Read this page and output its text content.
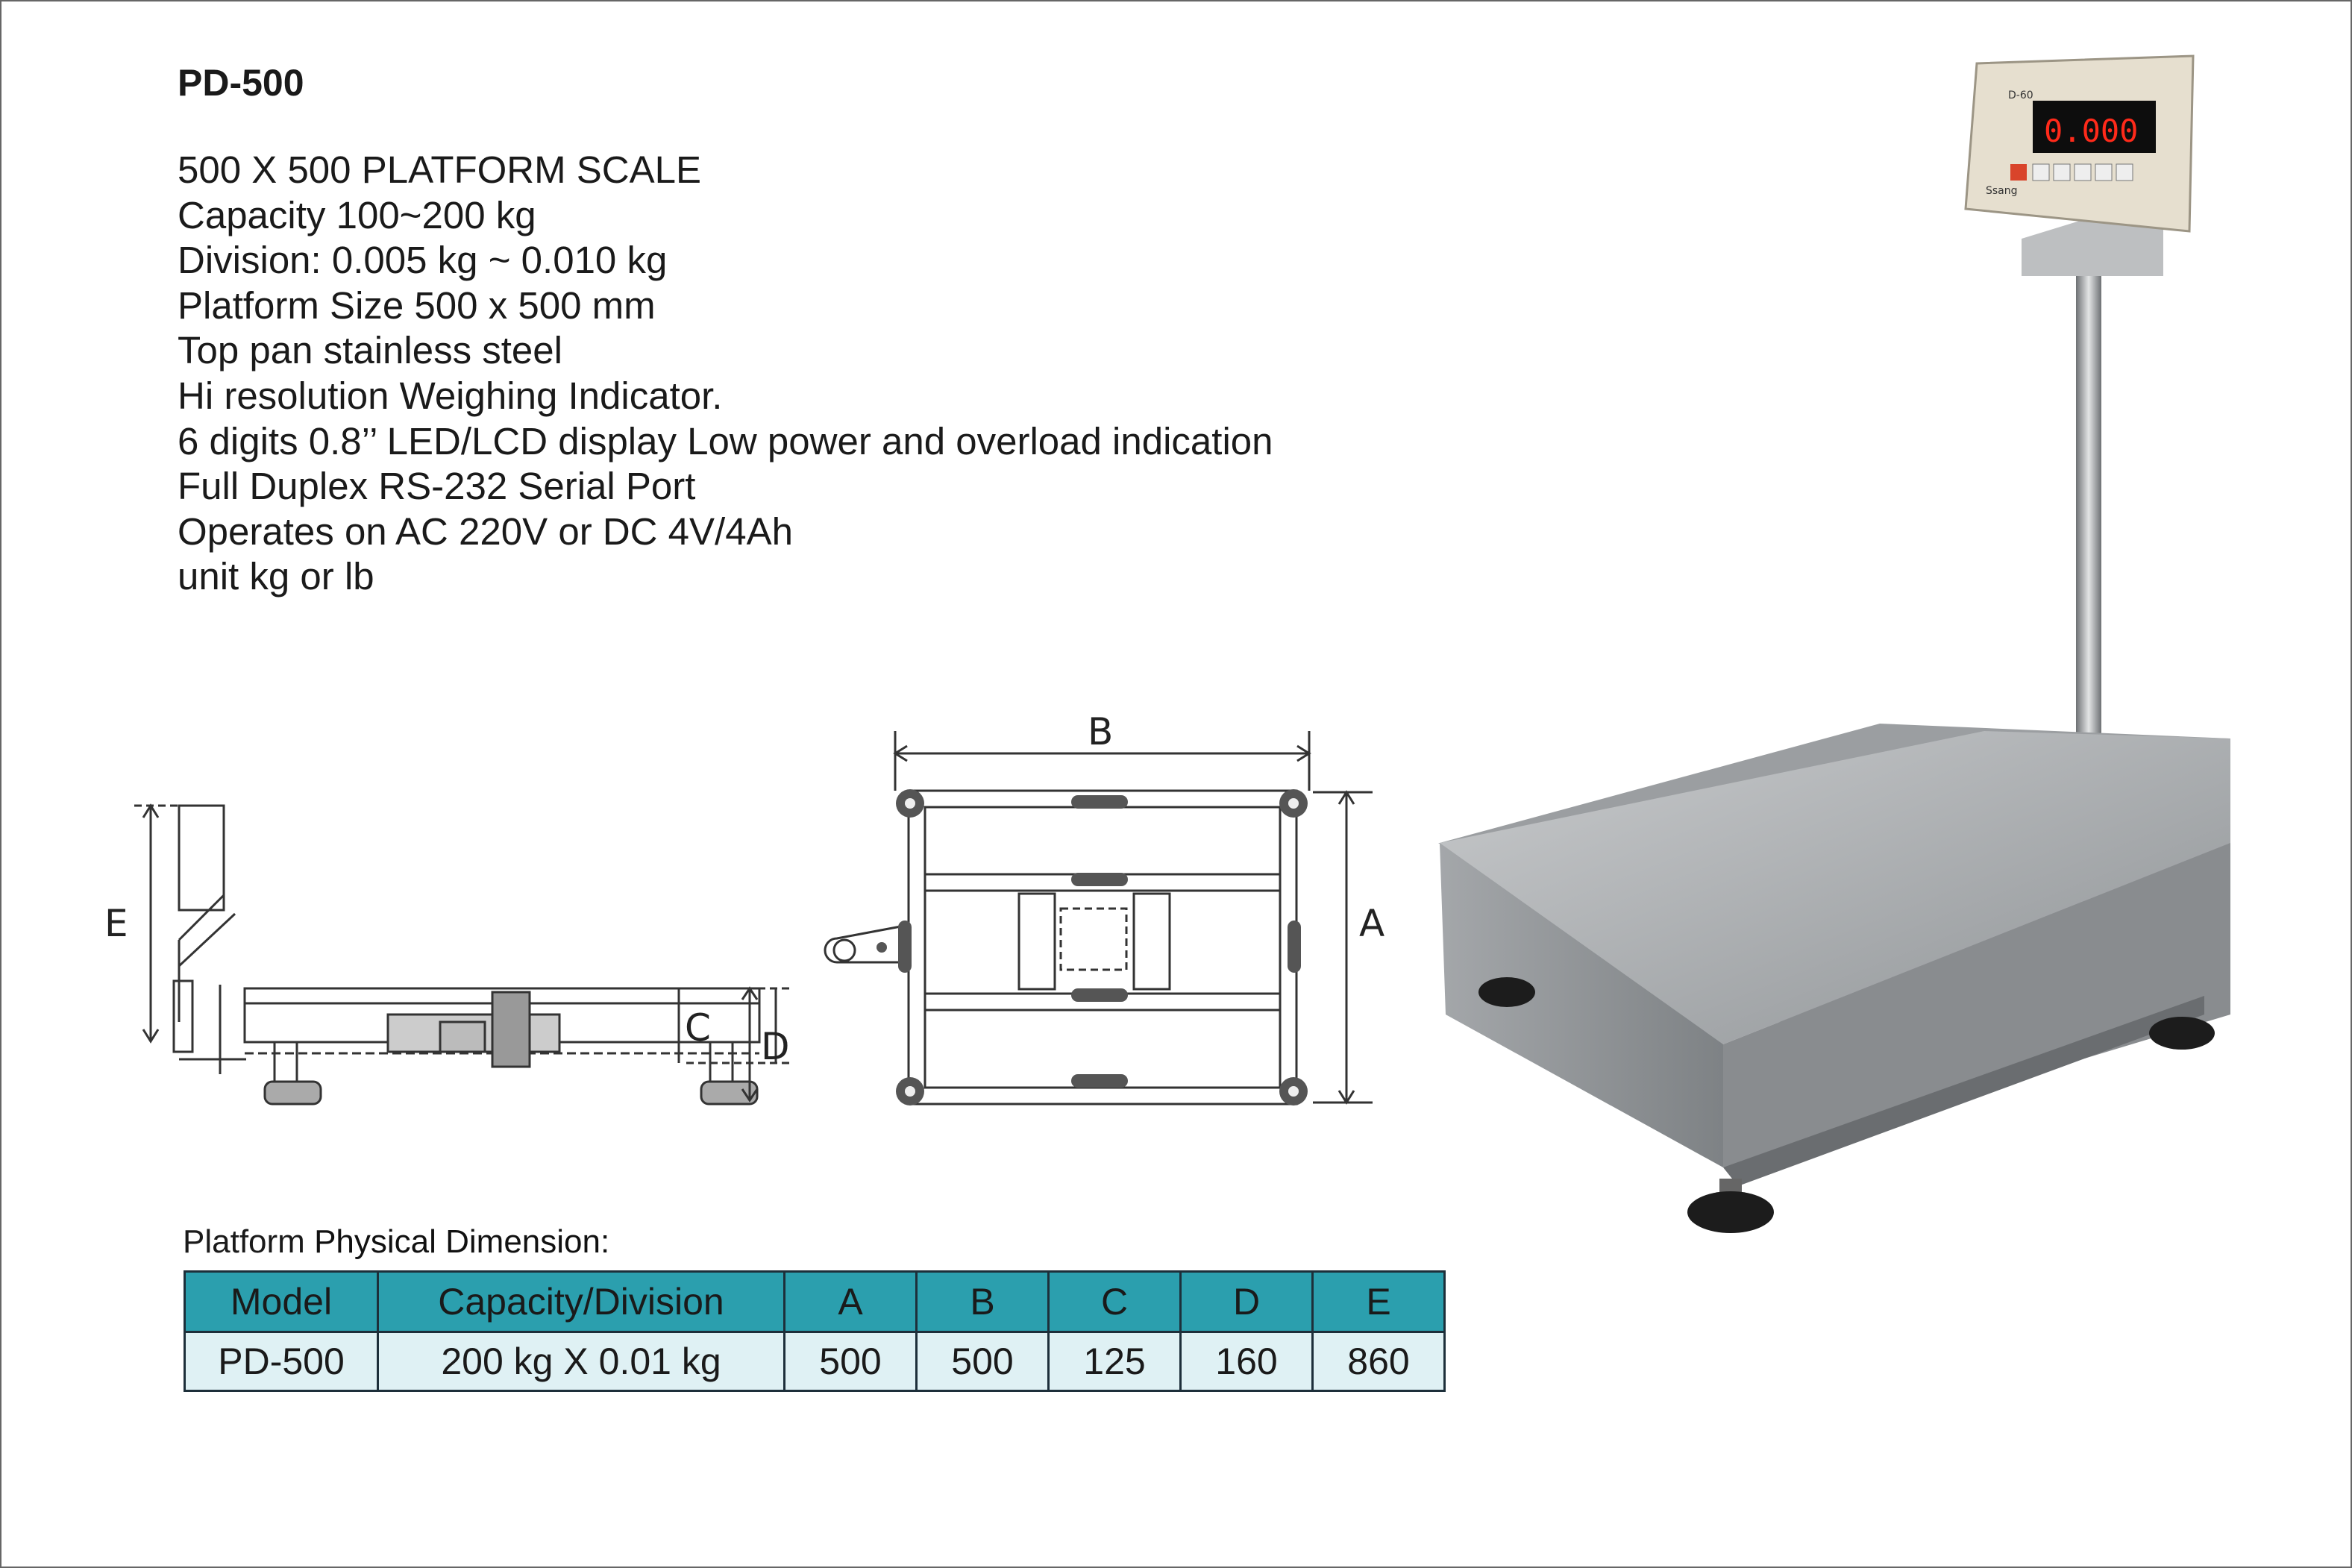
PD-500
500 X 500 PLATFORM SCALE
Capacity 100~200 kg
Division: 0.005 kg ~ 0.010 kg
Platform Size 500 x 500 mm
Top pan stainless steel
Hi resolution Weighing Indicator.
6 digits 0.8’’ LED/LCD display Low power and overload indication
Full Duplex RS-232 Serial Port
Operates on AC 220V or DC 4V/4Ah
unit kg or lb
E
C D
B
A
0.000
D-60
Ssang
Platform Physical Dimension:
Model	Capacity/Division	A	B	C	D	E
PD-500	200 kg X 0.01 kg	500	500	125	160	860
